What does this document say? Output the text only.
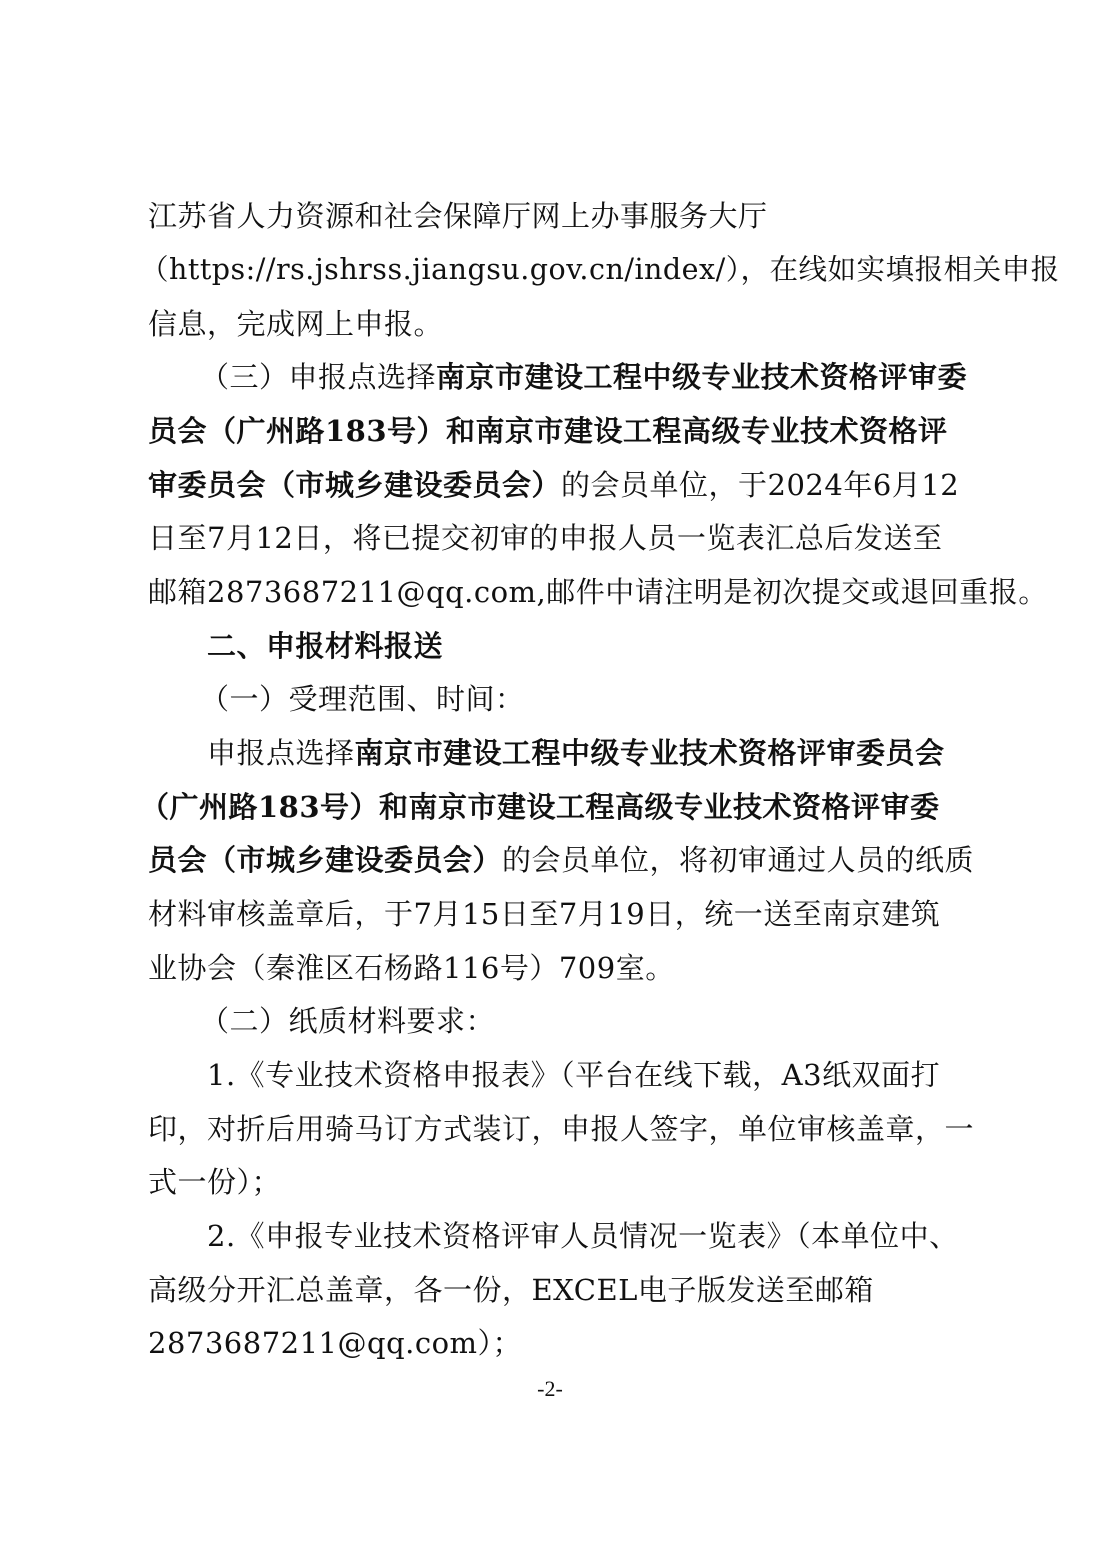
江苏省人力资源和社会保障厅网上办事服务大厅
（https://rs.jshrss.jiangsu.gov.cn/index/），在线如实填报相关申报
信息，完成网上申报。
（三）申报点选择南京市建设工程中级专业技术资格评审委
员会（广州路183号）和南京市建设工程高级专业技术资格评
审委员会（市城乡建设委员会）的会员单位，于2024年6月12
日至7月12日，将已提交初审的申报人员一览表汇总后发送至
邮箱2873687211@qq.com,邮件中请注明是初次提交或退回重报。
二、申报材料报送
（一）受理范围、时间：
申报点选择南京市建设工程中级专业技术资格评审委员会
（广州路183号）和南京市建设工程高级专业技术资格评审委
员会（市城乡建设委员会）的会员单位，将初审通过人员的纸质
材料审核盖章后，于7月15日至7月19日，统一送至南京建筑
业协会（秦淮区石杨路116号）709室。
（二）纸质材料要求：
1.《专业技术资格申报表》（平台在线下载，A3纸双面打
印，对折后用骑马订方式装订，申报人签字，单位审核盖章，一
式一份）；
2.《申报专业技术资格评审人员情况一览表》（本单位中、
高级分开汇总盖章，各一份，EXCEL电子版发送至邮箱
2873687211@qq.com）；
-2-
